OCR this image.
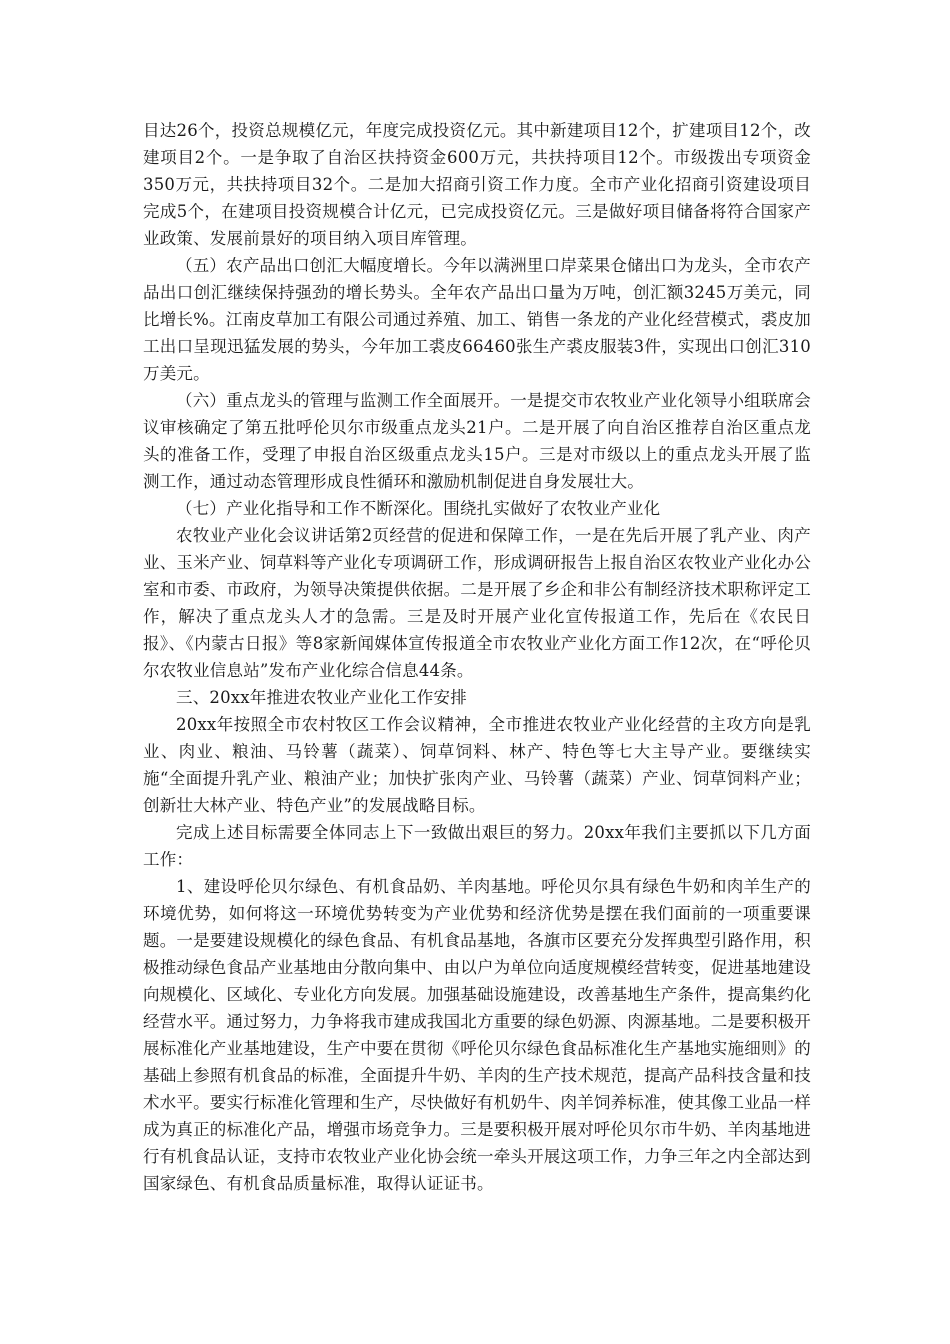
目达26个，投资总规模亿元，年度完成投资亿元。其中新建项目12个，扩建项目12个，改建项目2个。一是争取了自治区扶持资金600万元，共扶持项目12个。市级拨出专项资金350万元，共扶持项目32个。二是加大招商引资工作力度。全市产业化招商引资建设项目完成5个，在建项目投资规模合计亿元，已完成投资亿元。三是做好项目储备将符合国家产业政策、发展前景好的项目纳入项目库管理。

（五）农产品出口创汇大幅度增长。今年以满洲里口岸菜果仓储出口为龙头，全市农产品出口创汇继续保持强劲的增长势头。全年农产品出口量为万吨，创汇额3245万美元，同比增长%。江南皮草加工有限公司通过养殖、加工、销售一条龙的产业化经营模式，裘皮加工出口呈现迅猛发展的势头，今年加工裘皮66460张生产裘皮服装3件，实现出口创汇310万美元。

（六）重点龙头的管理与监测工作全面展开。一是提交市农牧业产业化领导小组联席会议审核确定了第五批呼伦贝尔市级重点龙头21户。二是开展了向自治区推荐自治区重点龙头的准备工作，受理了申报自治区级重点龙头15户。三是对市级以上的重点龙头开展了监测工作，通过动态管理形成良性循环和激励机制促进自身发展壮大。

（七）产业化指导和工作不断深化。围绕扎实做好了农牧业产业化

农牧业产业化会议讲话第2页经营的促进和保障工作，一是在先后开展了乳产业、肉产业、玉米产业、饲草料等产业化专项调研工作，形成调研报告上报自治区农牧业产业化办公室和市委、市政府，为领导决策提供依据。二是开展了乡企和非公有制经济技术职称评定工作，解决了重点龙头人才的急需。三是及时开展产业化宣传报道工作，先后在《农民日报》、《内蒙古日报》等8家新闻媒体宣传报道全市农牧业产业化方面工作12次，在“呼伦贝尔农牧业信息站”发布产业化综合信息44条。

三、20xx年推进农牧业产业化工作安排

20xx年按照全市农村牧区工作会议精神，全市推进农牧业产业化经营的主攻方向是乳业、肉业、粮油、马铃薯（蔬菜）、饲草饲料、林产、特色等七大主导产业。要继续实施“全面提升乳产业、粮油产业；加快扩张肉产业、马铃薯（蔬菜）产业、饲草饲料产业；创新壮大林产业、特色产业”的发展战略目标。

完成上述目标需要全体同志上下一致做出艰巨的努力。20xx年我们主要抓以下几方面工作：

1、建设呼伦贝尔绿色、有机食品奶、羊肉基地。呼伦贝尔具有绿色牛奶和肉羊生产的环境优势，如何将这一环境优势转变为产业优势和经济优势是摆在我们面前的一项重要课题。一是要建设规模化的绿色食品、有机食品基地，各旗市区要充分发挥典型引路作用，积极推动绿色食品产业基地由分散向集中、由以户为单位向适度规模经营转变，促进基地建设向规模化、区域化、专业化方向发展。加强基础设施建设，改善基地生产条件，提高集约化经营水平。通过努力，力争将我市建成我国北方重要的绿色奶源、肉源基地。二是要积极开展标准化产业基地建设，生产中要在贯彻《呼伦贝尔绿色食品标准化生产基地实施细则》的基础上参照有机食品的标准，全面提升牛奶、羊肉的生产技术规范，提高产品科技含量和技术水平。要实行标准化管理和生产，尽快做好有机奶牛、肉羊饲养标准，使其像工业品一样成为真正的标准化产品，增强市场竞争力。三是要积极开展对呼伦贝尔市牛奶、羊肉基地进行有机食品认证，支持市农牧业产业化协会统一牵头开展这项工作，力争三年之内全部达到国家绿色、有机食品质量标准，取得认证证书。
